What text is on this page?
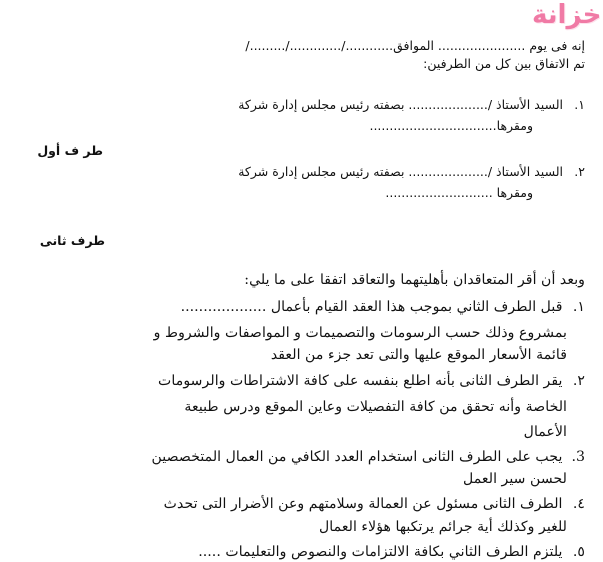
خزانة
إنه فى يوم ...................... الموافق............/............./........./
تم الاتفاق بين كل من الطرفين:
١. السيد الأستاذ /.................... بصفته رئيس مجلس إدارة شركة
ومقرها................................
طر ف أول
٢. السيد الأستاذ /.................... بصفته رئيس مجلس إدارة شركة
ومقرها ...........................
طرف ثانى
وبعد أن أقر المتعاقدان بأهليتهما والتعاقد اتفقا على ما يلي:
١. قبل الطرف الثاني بموجب هذا العقد القيام بأعمال ...................
بمشروع وذلك حسب الرسومات والتصميمات و المواصفات والشروط و
قائمة الأسعار الموقع عليها والتى تعد جزء من العقد
٢. يقر الطرف الثانى بأنه اطلع بنفسه على كافة الاشتراطات والرسومات
الخاصة وأنه تحقق من كافة التفصيلات وعاين الموقع ودرس طبيعة
الأعمال
3. يجب على الطرف الثانى استخدام العدد الكافي من العمال المتخصصين
لحسن سير العمل
٤. الطرف الثانى مسئول عن العمالة وسلامتهم وعن الأضرار التى تحدث
للغير وكذلك أية جرائم يرتكبها هؤلاء العمال
٥. يلتزم الطرف الثاني بكافة الالتزامات والنصوص والتعليمات .....
